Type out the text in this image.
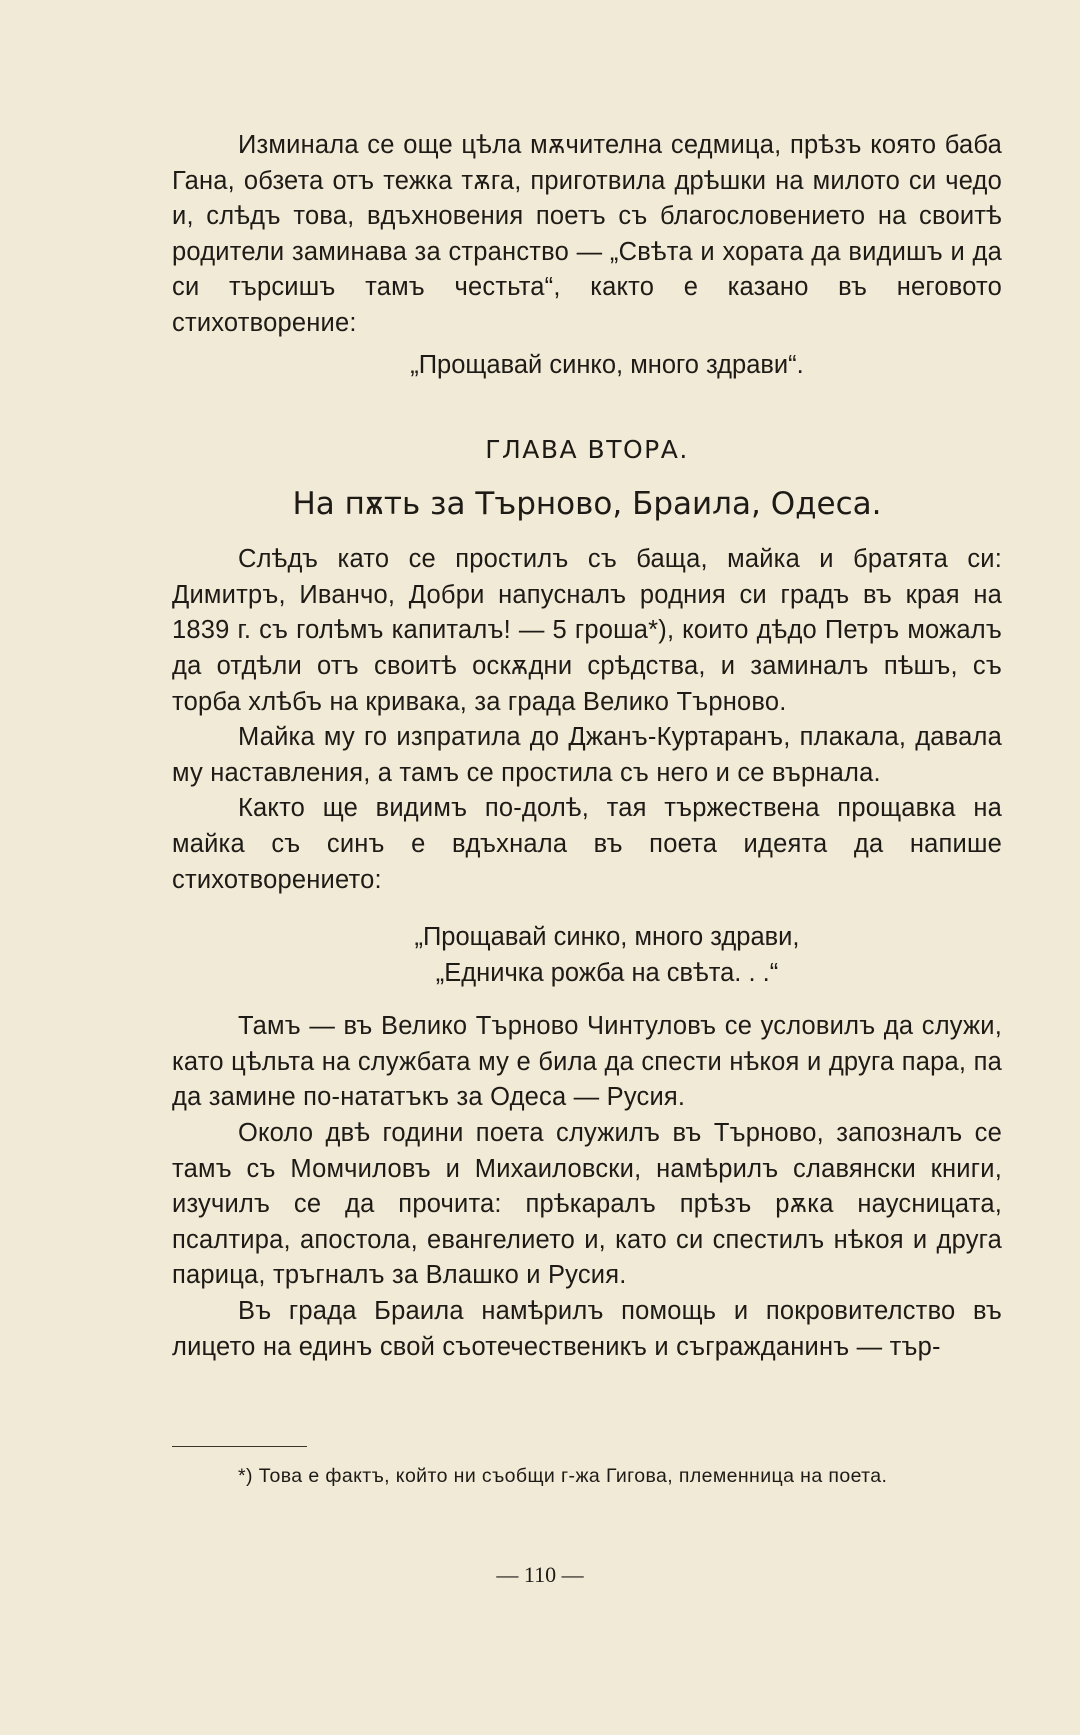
Изминала се още цѣла мѫчителна седмица, прѣзъ която баба Гана, обзета отъ тежка тѫга, приготвила дрѣшки на милото си чедо и, слѣдъ това, вдъхновения поетъ съ благословението на своитѣ родители заминава за странство — „Свѣта и хората да видишъ и да си търсишъ тамъ честьта“, както е казано въ неговото стихотворение:

„Прощавай синко, много здрави“.

ГЛАВА ВТОРА.

На пѫть за Търново, Браила, Одеса.

Слѣдъ като се простилъ съ баща, майка и братята си: Димитръ, Иванчо, Добри напусналъ родния си градъ въ края на 1839 г. съ голѣмъ капиталъ! — 5 гроша*), които дѣдо Петръ можалъ да отдѣли отъ своитѣ оскѫдни срѣдства, и заминалъ пѣшъ, съ торба хлѣбъ на кривака, за града Велико Търново.

Майка му го изпратила до Джанъ-Куртаранъ, плакала, давала му наставления, а тамъ се простила съ него и се върнала.

Както ще видимъ по-долѣ, тая тържествена прощавка на майка съ синъ е вдъхнала въ поета идеята да напише стихотворението:

„Прощавай синко, много здрави,

„Едничка рожба на свѣта. . .“

Тамъ — въ Велико Търново Чинтуловъ се условилъ да служи, като цѣльта на службата му е била да спести нѣкоя и друга пара, па да замине по-нататъкъ за Одеса — Русия.

Около двѣ години поета служилъ въ Търново, запозналъ се тамъ съ Момчиловъ и Михаиловски, намѣрилъ славянски книги, изучилъ се да прочита: прѣкаралъ прѣзъ рѫка наусницата, псалтира, апостола, евангелието и, като си спестилъ нѣкоя и друга парица, тръгналъ за Влашко и Русия.

Въ града Браила намѣрилъ помощь и покровителство въ лицето на единъ свой съотечественикъ и съгражданинъ — тър-

*) Това е фактъ, който ни съобщи г-жа Гигова, племенница на поета.

— 110 —
